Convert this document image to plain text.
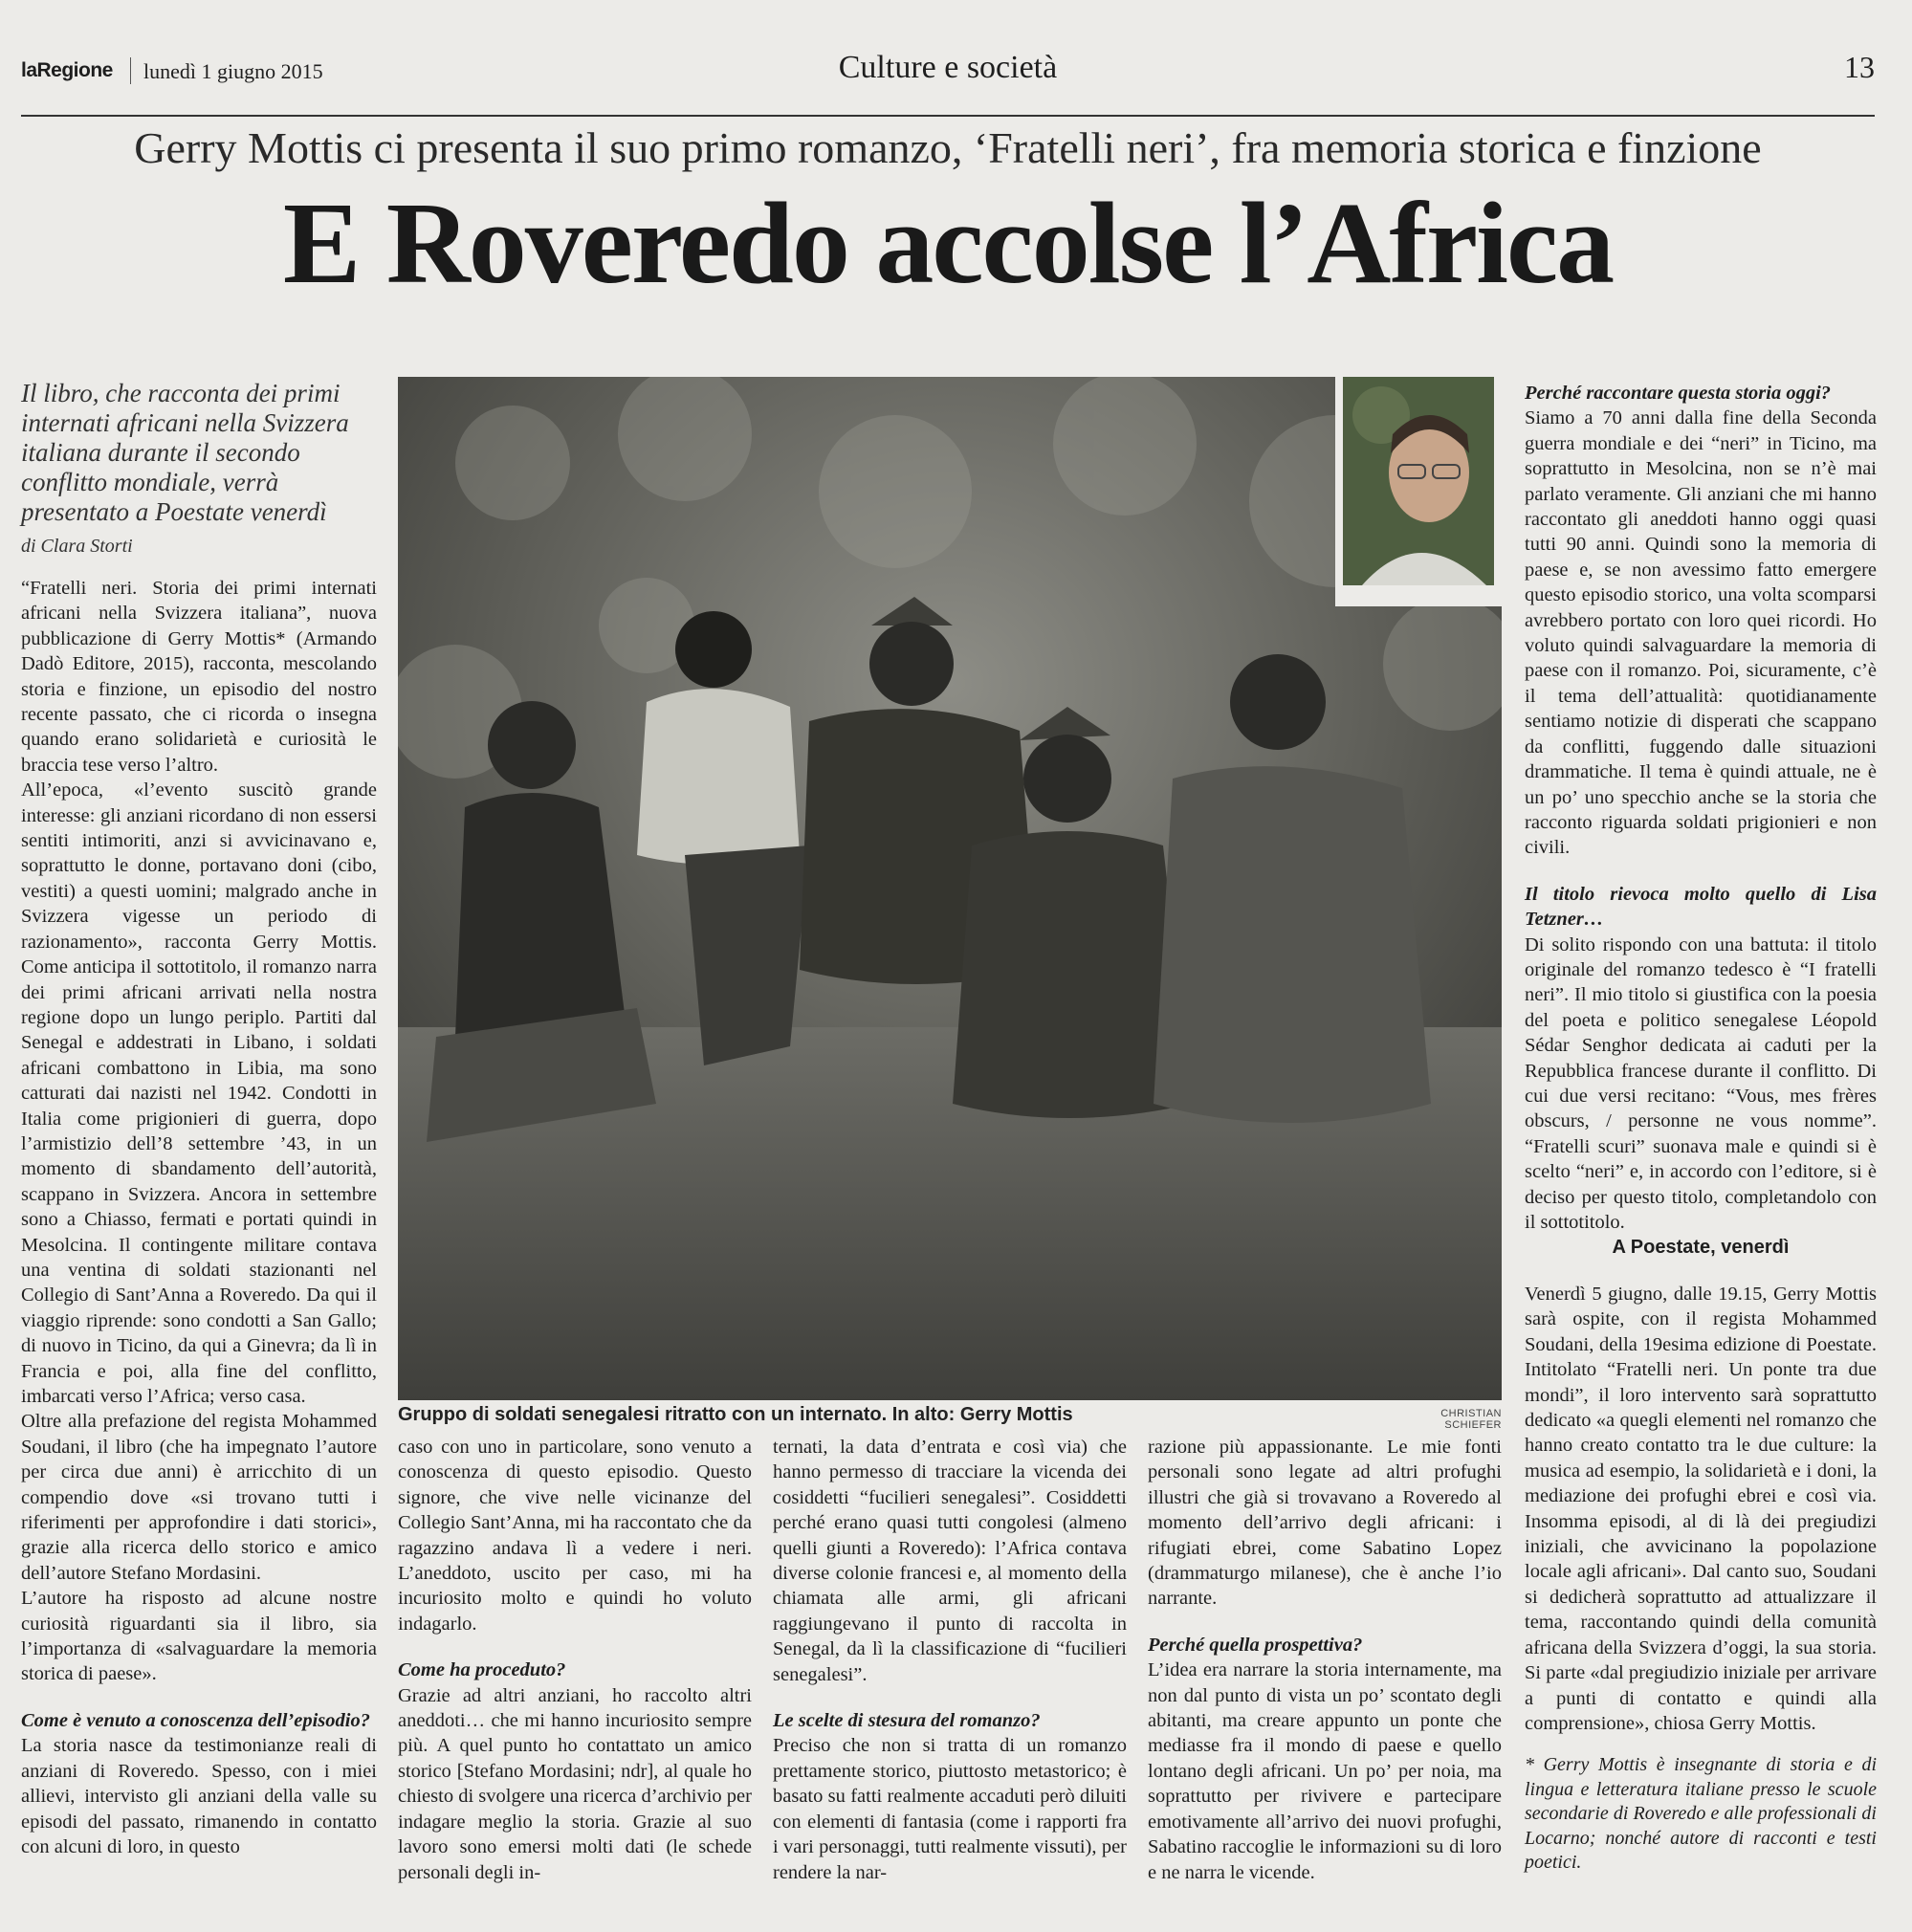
laRegione lunedì 1 giugno 2015	Culture e società	13
Gerry Mottis ci presenta il suo primo romanzo, ‘Fratelli neri’, fra memoria storica e finzione
E Roveredo accolse l’Africa
Il libro, che racconta dei primi internati africani nella Svizzera italiana durante il secondo conflitto mondiale, verrà presentato a Poestate venerdì
di Clara Storti

“Fratelli neri. Storia dei primi internati africani nella Svizzera italiana”, nuova pubblicazione di Gerry Mottis* (Armando Dadò Editore, 2015), racconta, mescolando storia e finzione, un episodio del nostro recente passato, che ci ricorda o insegna quando erano solidarietà e curiosità le braccia tese verso l’altro.

All’epoca, «l’evento suscitò grande interesse: gli anziani ricordano di non essersi sentiti intimoriti, anzi si avvicinavano e, soprattutto le donne, portavano doni (cibo, vestiti) a questi uomini; malgrado anche in Svizzera vigesse un periodo di razionamento», racconta Gerry Mottis. Come anticipa il sottotitolo, il romanzo narra dei primi africani arrivati nella nostra regione dopo un lungo periplo. Partiti dal Senegal e addestrati in Libano, i soldati africani combattono in Libia, ma sono catturati dai nazisti nel 1942. Condotti in Italia come prigionieri di guerra, dopo l’armistizio dell’8 settembre ’43, in un momento di sbandamento dell’autorità, scappano in Svizzera. Ancora in settembre sono a Chiasso, fermati e portati quindi in Mesolcina. Il contingente militare contava una ventina di soldati stazionanti nel Collegio di Sant’Anna a Roveredo. Da qui il viaggio riprende: sono condotti a San Gallo; di nuovo in Ticino, da qui a Ginevra; da lì in Francia e poi, alla fine del conflitto, imbarcati verso l’Africa; verso casa.

Oltre alla prefazione del regista Mohammed Soudani, il libro (che ha impegnato l’autore per circa due anni) è arricchito di un compendio dove «si trovano tutti i riferimenti per approfondire i dati storici», grazie alla ricerca dello storico e amico dell’autore Stefano Mordasini.

L’autore ha risposto ad alcune nostre curiosità riguardanti sia il libro, sia l’importanza di «salvaguardare la memoria storica di paese».

Come è venuto a conoscenza dell’episodio?

La storia nasce da testimonianze reali di anziani di Roveredo. Spesso, con i miei allievi, intervisto gli anziani della valle su episodi del passato, rimanendo in contatto con alcuni di loro, in questo

Gruppo di soldati senegalesi ritratto con un internato. In alto: Gerry Mottis	CHRISTIAN SCHIEFER

caso con uno in particolare, sono venuto a conoscenza di questo episodio. Questo signore, che vive nelle vicinanze del Collegio Sant’Anna, mi ha raccontato che da ragazzino andava lì a vedere i neri. L’aneddoto, uscito per caso, mi ha incuriosito molto e quindi ho voluto indagarlo.

Come ha proceduto?

Grazie ad altri anziani, ho raccolto altri aneddoti… che mi hanno incuriosito sempre più. A quel punto ho contattato un amico storico [Stefano Mordasini; ndr], al quale ho chiesto di svolgere una ricerca d’archivio per indagare meglio la storia. Grazie al suo lavoro sono emersi molti dati (le schede personali degli in-

ternati, la data d’entrata e così via) che hanno permesso di tracciare la vicenda dei cosiddetti “fucilieri senegalesi”. Cosiddetti perché erano quasi tutti congolesi (almeno quelli giunti a Roveredo): l’Africa contava diverse colonie francesi e, al momento della chiamata alle armi, gli africani raggiungevano il punto di raccolta in Senegal, da lì la classificazione di “fucilieri senegalesi”.

Le scelte di stesura del romanzo?

Preciso che non si tratta di un romanzo prettamente storico, piuttosto metastorico; è basato su fatti realmente accaduti però diluiti con elementi di fantasia (come i rapporti fra i vari personaggi, tutti realmente vissuti), per rendere la nar-

razione più appassionante. Le mie fonti personali sono legate ad altri profughi illustri che già si trovavano a Roveredo al momento dell’arrivo degli africani: i rifugiati ebrei, come Sabatino Lopez (drammaturgo milanese), che è anche l’io narrante.

Perché quella prospettiva?

L’idea era narrare la storia internamente, ma non dal punto di vista un po’ scontato degli abitanti, ma creare appunto un ponte che mediasse fra il mondo di paese e quello lontano degli africani. Un po’ per noia, ma soprattutto per rivivere e partecipare emotivamente all’arrivo dei nuovi profughi, Sabatino raccoglie le informazioni su di loro e ne narra le vicende.

Perché raccontare questa storia oggi?

Siamo a 70 anni dalla fine della Seconda guerra mondiale e dei “neri” in Ticino, ma soprattutto in Mesolcina, non se n’è mai parlato veramente. Gli anziani che mi hanno raccontato gli aneddoti hanno oggi quasi tutti 90 anni. Quindi sono la memoria di paese e, se non avessimo fatto emergere questo episodio storico, una volta scomparsi avrebbero portato con loro quei ricordi. Ho voluto quindi salvaguardare la memoria di paese con il romanzo. Poi, sicuramente, c’è il tema dell’attualità: quotidianamente sentiamo notizie di disperati che scappano da conflitti, fuggendo dalle situazioni drammatiche. Il tema è quindi attuale, ne è un po’ uno specchio anche se la storia che racconto riguarda soldati prigionieri e non civili.

Il titolo rievoca molto quello di Lisa Tetzner…

Di solito rispondo con una battuta: il titolo originale del romanzo tedesco è “I fratelli neri”. Il mio titolo si giustifica con la poesia del poeta e politico senegalese Léopold Sédar Senghor dedicata ai caduti per la Repubblica francese durante il conflitto. Di cui due versi recitano: “Vous, mes frères obscurs, / personne ne vous nomme”. “Fratelli scuri” suonava male e quindi si è scelto “neri” e, in accordo con l’editore, si è deciso per questo titolo, completandolo con il sottotitolo.

A Poestate, venerdì

Venerdì 5 giugno, dalle 19.15, Gerry Mottis sarà ospite, con il regista Mohammed Soudani, della 19esima edizione di Poestate. Intitolato “Fratelli neri. Un ponte tra due mondi”, il loro intervento sarà soprattutto dedicato «a quegli elementi nel romanzo che hanno creato contatto tra le due culture: la musica ad esempio, la solidarietà e i doni, la mediazione dei profughi ebrei e così via. Insomma episodi, al di là dei pregiudizi iniziali, che avvicinano la popolazione locale agli africani». Dal canto suo, Soudani si dedicherà soprattutto ad attualizzare il tema, raccontando quindi della comunità africana della Svizzera d’oggi, la sua storia. Si parte «dal pregiudizio iniziale per arrivare a punti di contatto e quindi alla comprensione», chiosa Gerry Mottis.

* Gerry Mottis è insegnante di storia e di lingua e letteratura italiane presso le scuole secondarie di Roveredo e alle professionali di Locarno; nonché autore di racconti e testi poetici.
